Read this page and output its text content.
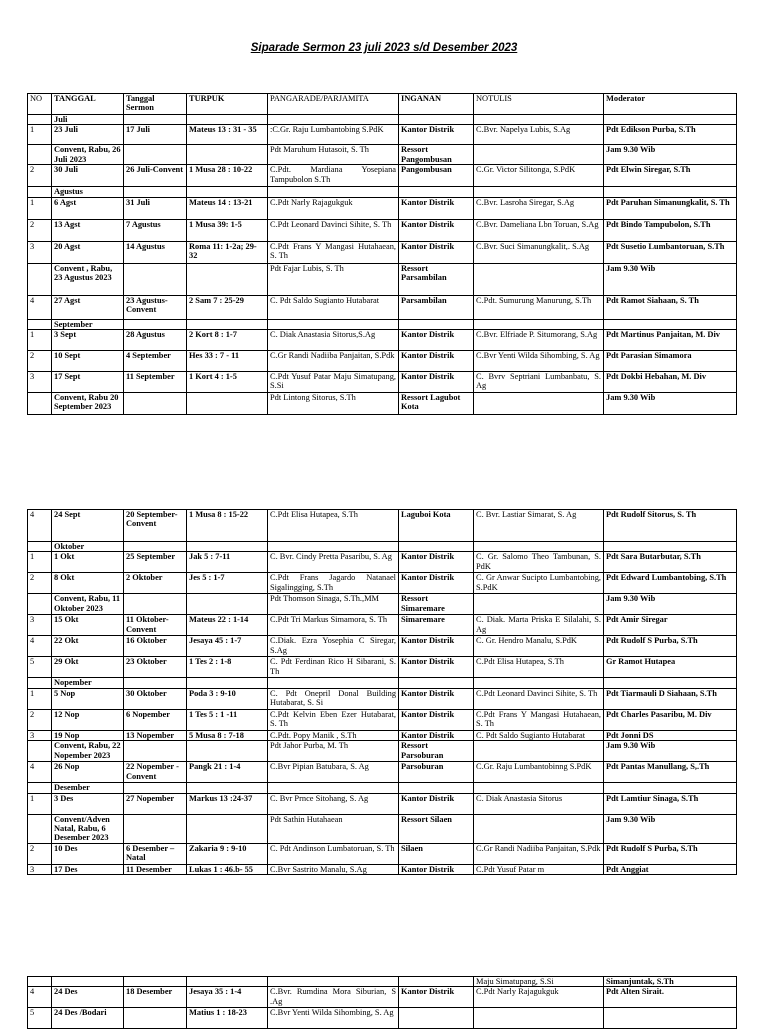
Siparade Sermon 23 juli 2023 s/d Desember 2023
NO	TANGGAL	Tanggal Sermon	TURPUK	PANGARADE/PARJAMITA	INGANAN	NOTULIS	Moderator
	Juli						
1	23 Juli	17 Juli	Mateus 13 : 31 - 35	:C.Gr. Raju Lumbantobing S.PdK	Kantor Distrik	C.Bvr. Napelya Lubis, S.Ag	Pdt Edikson Purba, S.Th
	Convent, Rabu, 26 Juli 2023			Pdt Maruhum Hutasoit, S. Th	Ressort Pangombusan		Jam 9.30 Wib
2	30 Juli	26 Juli-Convent	1 Musa 28 : 10-22	C.Pdt. Mardiana Yosepiana Tampubolon S.Th	Pangombusan	C.Gr. Victor Silitonga, S.PdK	Pdt Elwin Siregar, S.Th
	Agustus						
1	6 Agst	31 Juli	Mateus 14 : 13-21	C.Pdt Narly Rajagukguk	Kantor Distrik	C.Bvr. Lasroha Siregar, S.Ag	Pdt Paruhan Simanungkalit, S. Th
2	13 Agst	7 Agustus	1 Musa 39: 1-5	C.Pdt Leonard Davinci Sihite, S. Th	Kantor Distrik	C.Bvr. Dameliana Lbn Toruan, S.Ag	Pdt Bindo Tampubolon, S.Th
3	20 Agst	14 Agustus	Roma 11: 1-2a; 29-32	C.Pdt Frans Y Mangasi Hutahaean, S. Th	Kantor Distrik	C.Bvr. Suci Simanungkalit,. S.Ag	Pdt Susetio Lumbantoruan, S.Th
	Convent , Rabu, 23 Agustus 2023			Pdt Fajar Lubis, S. Th	Ressort Parsambilan		Jam 9.30 Wib
4	27 Agst	23 Agustus-Convent	2 Sam 7 : 25-29	C. Pdt Saldo Sugianto Hutabarat	Parsambilan	C.Pdt. Sumurung Manurung, S.Th	Pdt Ramot Siahaan, S. Th
	September						
1	3 Sept	28 Agustus	2 Kort 8 : 1-7	C. Diak Anastasia Sitorus,S.Ag	Kantor Distrik	C.Bvr. Elfriade P. Situmorang, S.Ag	Pdt Martinus Panjaitan, M. Div
2	10 Sept	4 September	Hes 33 : 7 - 11	C.Gr Randi Nadiiba Panjaitan, S.Pdk	Kantor Distrik	C.Bvr Yenti Wilda Sihombing, S. Ag	Pdt Parasian Simamora
3	17 Sept	11 September	1 Kort 4 : 1-5	C.Pdt Yusuf Patar Maju Simatupang, S.Si	Kantor Distrik	C. Bvrv Septriani Lumbanbatu, S. Ag	Pdt Dokbi Hebahan, M. Div
	Convent, Rabu 20 September 2023			Pdt Lintong Sitorus, S.Th	Ressort Lagubot Kota		Jam 9.30 Wib
4	24 Sept	20 September-Convent	1 Musa 8 : 15-22	C.Pdt Elisa Hutapea, S.Th	Laguboi Kota	C. Bvr. Lastiar Simarat, S. Ag	Pdt Rudolf Sitorus, S. Th
	Oktober						
1	1 Okt	25 September	Jak 5 : 7-11	C. Bvr. Cindy Pretta Pasaribu, S. Ag	Kantor Distrik	C. Gr. Salomo Theo Tambunan, S. PdK	Pdt Sara Butarbutar, S.Th
2	8 Okt	2 Oktober	Jes 5 : 1-7	C.Pdt Frans Jagardo Natanael Sigalingging, S.Th	Kantor Distrik	C. Gr Anwar Sucipto Lumbantobing, S.PdK	Pdt Edward Lumbantobing, S.Th
	Convent, Rabu, 11 Oktober 2023			Pdt Thomson Sinaga, S.Th.,MM	Ressort Simaremare		Jam 9.30 Wib
3	15 Okt	11 Oktober-Convent	Mateus 22 : 1-14	C.Pdt Tri Markus Simamora, S. Th	Simaremare	C. Diak. Marta Priska E Silalahi, S. Ag	Pdt Amir Siregar
4	22 Okt	16 Oktober	Jesaya 45 : 1-7	C.Diak. Ezra Yosephia C Siregar, S.Ag	Kantor Distrik	C. Gr. Hendro Manalu, S.PdK	Pdt Rudolf S Purba, S.Th
5	29 Okt	23 Oktober	1 Tes 2 : 1-8	C. Pdt Ferdinan Rico H Sibarani, S. Th	Kantor Distrik	C.Pdt Elisa Hutapea, S.Th	Gr Ramot Hutapea
	Nopember						
1	5 Nop	30 Oktober	Poda 3 : 9-10	C. Pdt Onepril Donal Building Hutabarat, S. Si	Kantor Distrik	C.Pdt Leonard Davinci Sihite, S. Th	Pdt Tiarmauli D Siahaan, S.Th
2	12 Nop	6 Nopember	1 Tes 5 : 1 -11	C.Pdt Kelvin Eben Ezer Hutabarat, S. Th	Kantor Distrik	C.Pdt Frans Y Mangasi Hutahaean, S. Th	Pdt Charles Pasaribu, M. Div
3	19 Nop	13 Nopember	5 Musa 8 : 7-18	C.Pdt. Popy Manik , S.Th	Kantor Distrik	C. Pdt Saldo Sugianto Hutabarat	Pdt Jonni DS
	Convent, Rabu, 22 Nopember 2023			Pdt Jahor Purba, M. Th	Ressort Parsoburan		Jam 9.30 Wib
4	26 Nop	22 Nopember - Convent	Pangk 21 : 1-4	C.Bvr Pipian Batubara, S. Ag	Parsoburan	C.Gr. Raju Lumbantobinng S.PdK	Pdt Pantas Manullang, S,.Th
	Desember						
1	3 Des	27 Nopember	Markus 13 :24-37	C. Bvr Prnce Sitohang, S. Ag	Kantor Distrik	C. Diak Anastasia Sitorus	Pdt Lamtiur Sinaga, S.Th
	Convent/Adven Natal, Rabu, 6 Desember 2023			Pdt Sathin Hutahaean	Ressort Silaen		Jam 9.30 Wib
2	10 Des	6 Desember – Natal	Zakaria 9 : 9-10	C. Pdt Andinson Lumbatoruan, S. Th	Silaen	C.Gr Randi Nadiiba Panjaitan, S.Pdk	Pdt Rudolf S Purba, S.Th
3	17 Des	11 Desember	Lukas 1 : 46.b- 55	C.Bvr Sastrito Manalu, S.Ag	Kantor Distrik	C.Pdt Yusuf Patar m	Pdt Anggiat
						Maju Simatupang, S.Si	Simanjuntak, S.Th
4	24 Des	18 Desember	Jesaya 35 : 1-4	C.Bvr. Rumdina Mora Siburian, S .Ag	Kantor Distrik	C.Pdt Narly Rajagukguk	Pdt Alten Sirait.
5	24 Des /Bodari		Matius 1 : 18-23	C.Bvr Yenti Wilda Sihombing, S. Ag			
